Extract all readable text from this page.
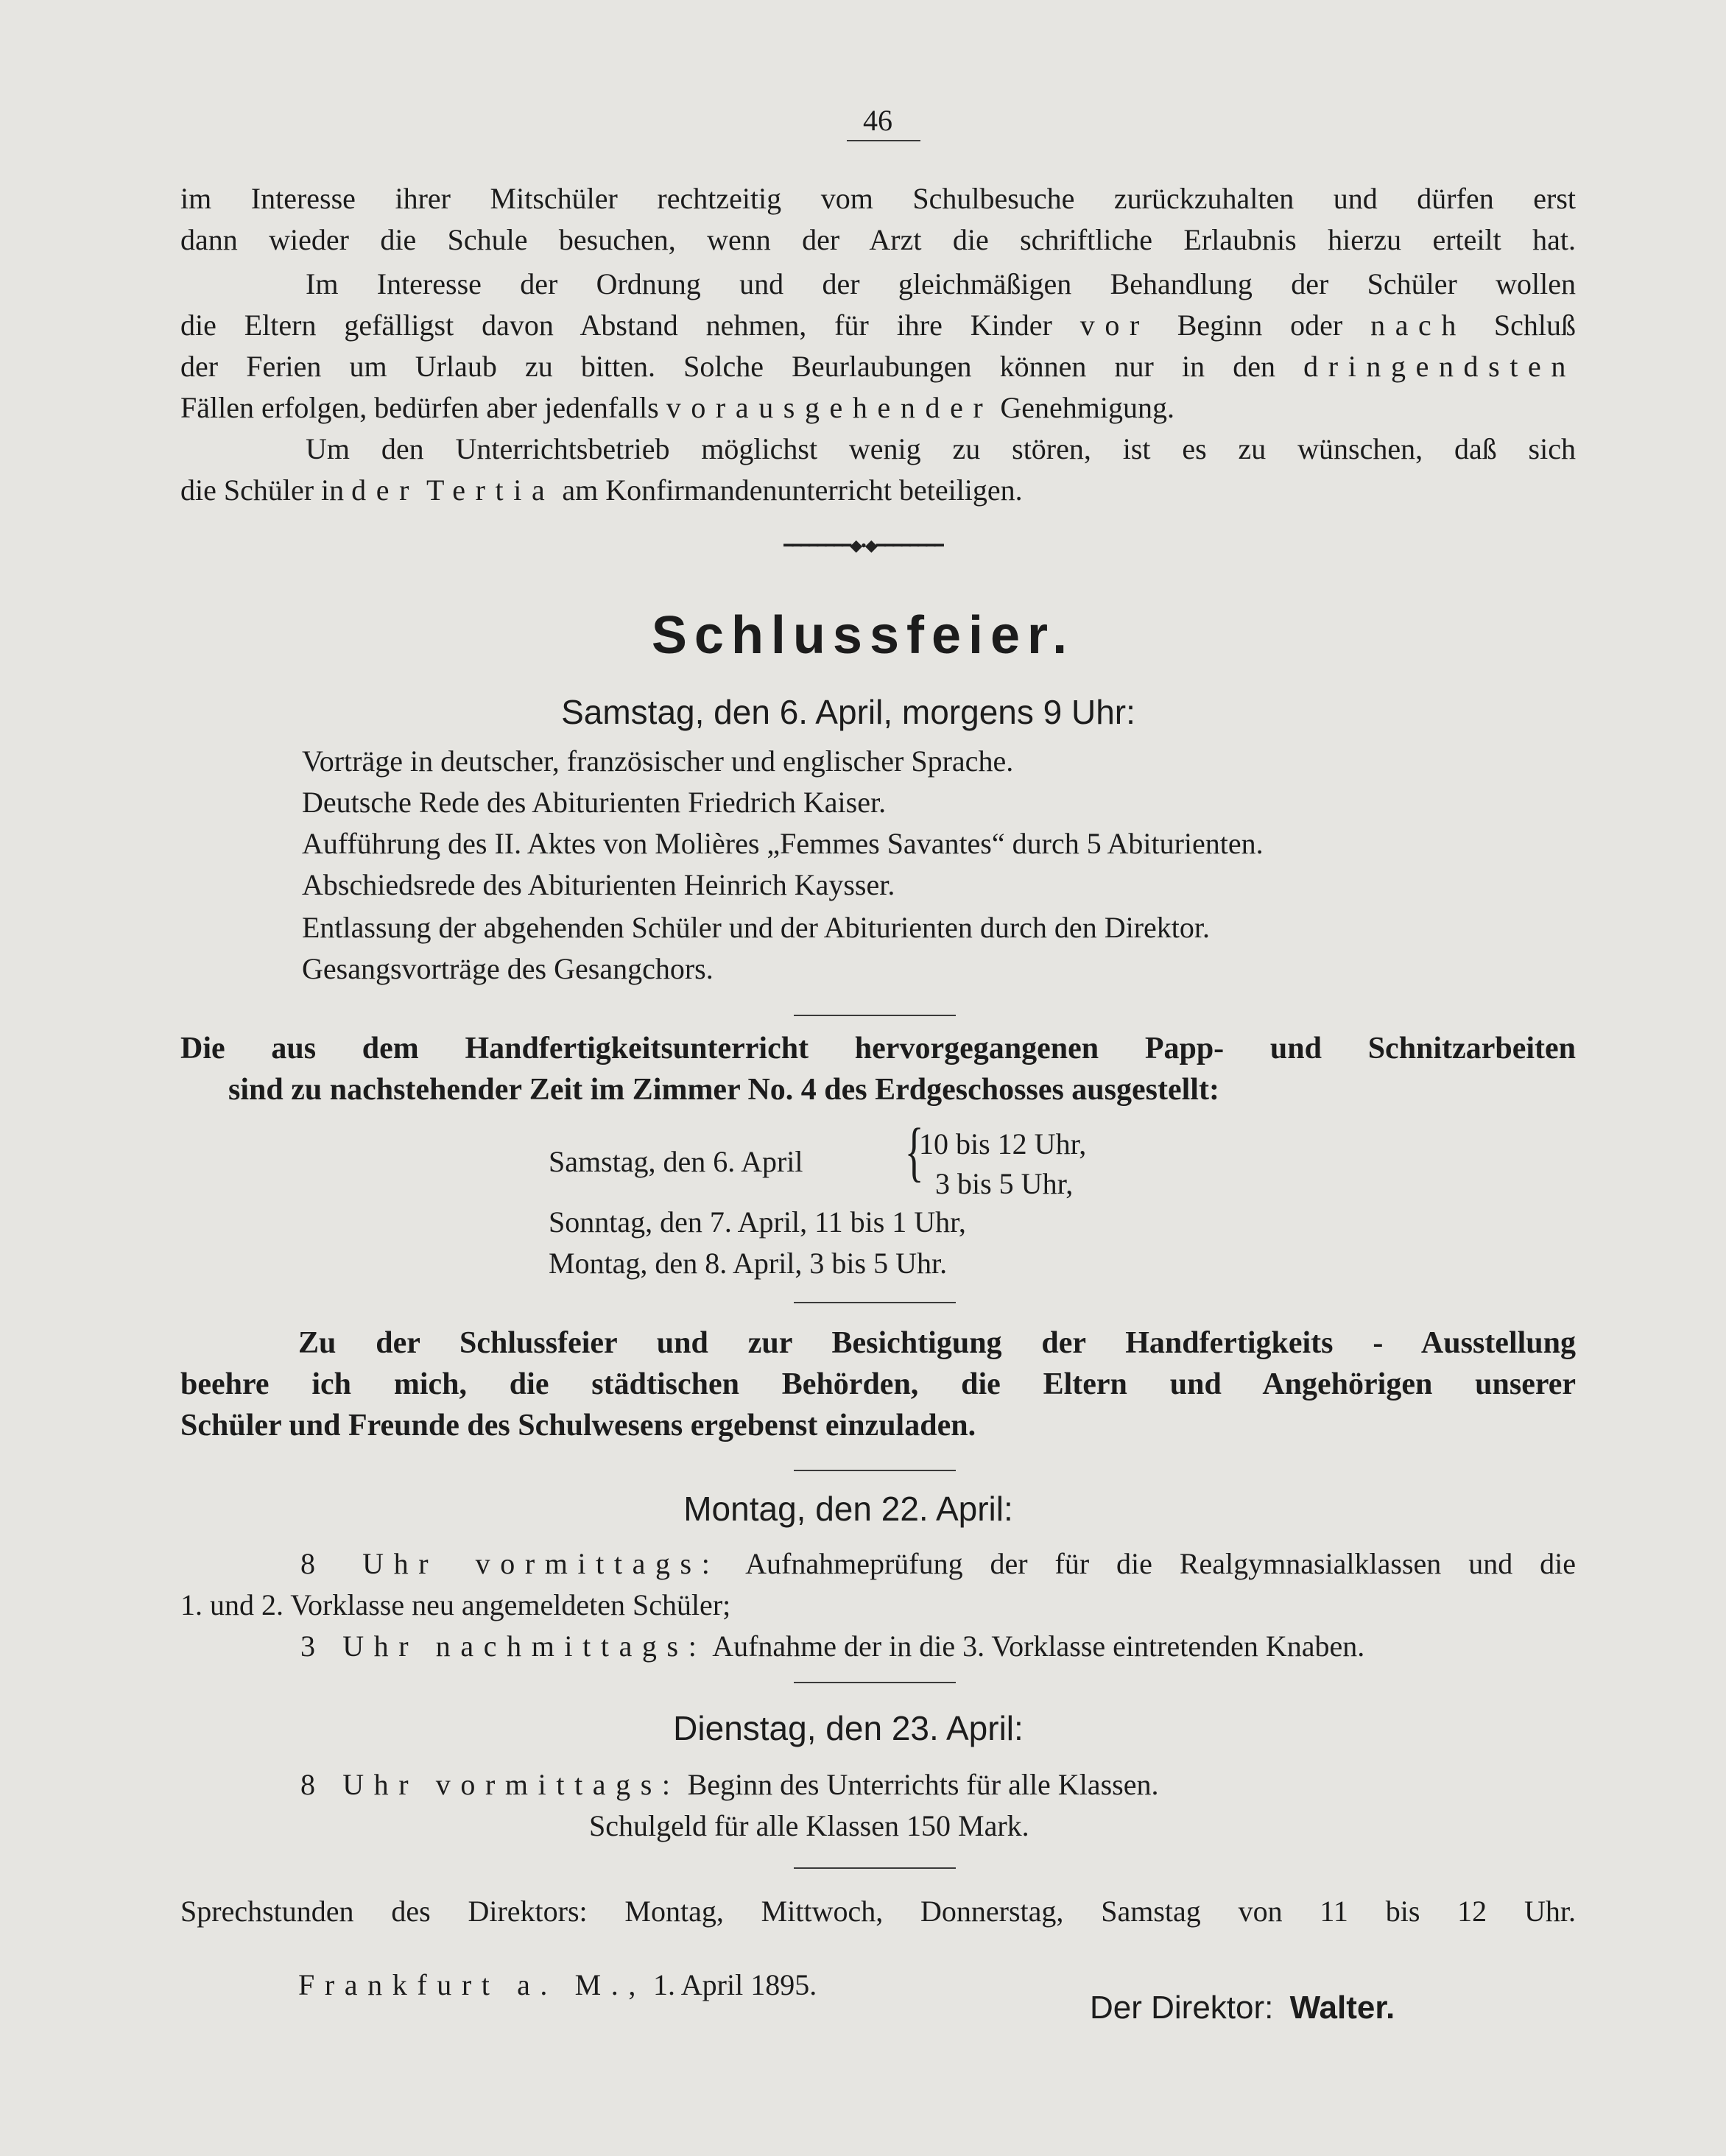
46
im Interesse ihrer Mitschüler rechtzeitig vom Schulbesuche zurückzuhalten und dürfen erst
dann wieder die Schule besuchen, wenn der Arzt die schriftliche Erlaubnis hierzu erteilt hat.
Im Interesse der Ordnung und der gleichmäßigen Behandlung der Schüler wollen
die Eltern gefälligst davon Abstand nehmen, für ihre Kinder vor Beginn oder nach Schluß
der Ferien um Urlaub zu bitten. Solche Beurlaubungen können nur in den dringendsten
Fällen erfolgen, bedürfen aber jedenfalls vorausgehender Genehmigung.
Um den Unterrichtsbetrieb möglichst wenig zu stören, ist es zu wünschen, daß sich
die Schüler in der Tertia am Konfirmandenunterricht beteiligen.
━━━━━━━━◆•◆━━━━━━━━
Schlussfeier.
Samstag, den 6. April, morgens 9 Uhr:
Vorträge in deutscher, französischer und englischer Sprache.
Deutsche Rede des Abiturienten Friedrich Kaiser.
Aufführung des II. Aktes von Molières „Femmes Savantes“ durch 5 Abiturienten.
Abschiedsrede des Abiturienten Heinrich Kaysser.
Entlassung der abgehenden Schüler und der Abiturienten durch den Direktor.
Gesangsvorträge des Gesangchors.
Die aus dem Handfertigkeitsunterricht hervorgegangenen Papp- und Schnitzarbeiten
sind zu nachstehender Zeit im Zimmer No. 4 des Erdgeschosses ausgestellt:
Samstag, den 6. April {
10 bis 12 Uhr,
3 bis 5 Uhr,
Sonntag, den 7. April, 11 bis 1 Uhr,
Montag, den 8. April, 3 bis 5 Uhr.
Zu der Schlussfeier und zur Besichtigung der Handfertigkeits - Ausstellung
beehre ich mich, die städtischen Behörden, die Eltern und Angehörigen unserer
Schüler und Freunde des Schulwesens ergebenst einzuladen.
Montag, den 22. April:
8 Uhr vormittags: Aufnahmeprüfung der für die Realgymnasialklassen und die
1. und 2. Vorklasse neu angemeldeten Schüler;
3 Uhr nachmittags: Aufnahme der in die 3. Vorklasse eintretenden Knaben.
Dienstag, den 23. April:
8 Uhr vormittags: Beginn des Unterrichts für alle Klassen.
Schulgeld für alle Klassen 150 Mark.
Sprechstunden des Direktors: Montag, Mittwoch, Donnerstag, Samstag von 11 bis 12 Uhr.
Frankfurt a. M., 1. April 1895.
Der Direktor: Walter.
